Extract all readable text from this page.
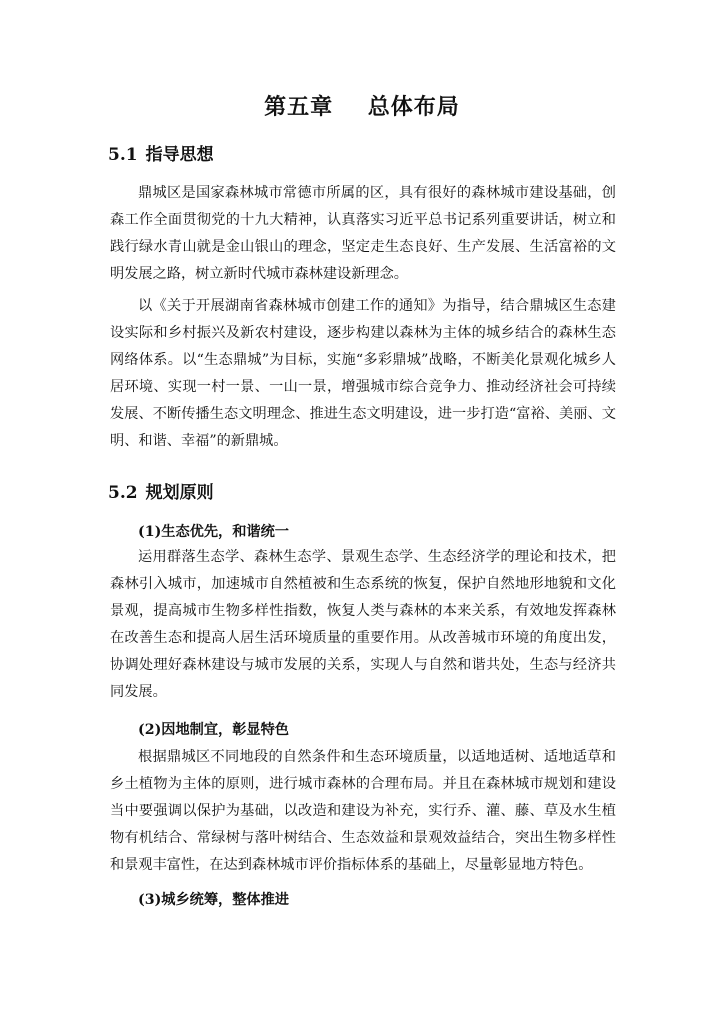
第五章    总体布局
5.1 指导思想

鼎城区是国家森林城市常德市所属的区，具有很好的森林城市建设基础，创森工作全面贯彻党的十九大精神，认真落实习近平总书记系列重要讲话，树立和践行绿水青山就是金山银山的理念，坚定走生态良好、生产发展、生活富裕的文明发展之路，树立新时代城市森林建设新理念。

以《关于开展湖南省森林城市创建工作的通知》为指导，结合鼎城区生态建设实际和乡村振兴及新农村建设，逐步构建以森林为主体的城乡结合的森林生态网络体系。以“生态鼎城”为目标，实施“多彩鼎城”战略，不断美化景观化城乡人居环境、实现一村一景、一山一景，增强城市综合竞争力、推动经济社会可持续发展、不断传播生态文明理念、推进生态文明建设，进一步打造“富裕、美丽、文明、和谐、幸福”的新鼎城。

5.2 规划原则
(1)生态优先，和谐统一

运用群落生态学、森林生态学、景观生态学、生态经济学的理论和技术，把森林引入城市，加速城市自然植被和生态系统的恢复，保护自然地形地貌和文化景观，提高城市生物多样性指数，恢复人类与森林的本来关系，有效地发挥森林在改善生态和提高人居生活环境质量的重要作用。从改善城市环境的角度出发，协调处理好森林建设与城市发展的关系，实现人与自然和谐共处，生态与经济共同发展。

(2)因地制宜，彰显特色

根据鼎城区不同地段的自然条件和生态环境质量，以适地适树、适地适草和乡土植物为主体的原则，进行城市森林的合理布局。并且在森林城市规划和建设当中要强调以保护为基础，以改造和建设为补充，实行乔、灌、藤、草及水生植物有机结合、常绿树与落叶树结合、生态效益和景观效益结合，突出生物多样性和景观丰富性，在达到森林城市评价指标体系的基础上，尽量彰显地方特色。

(3)城乡统筹，整体推进
